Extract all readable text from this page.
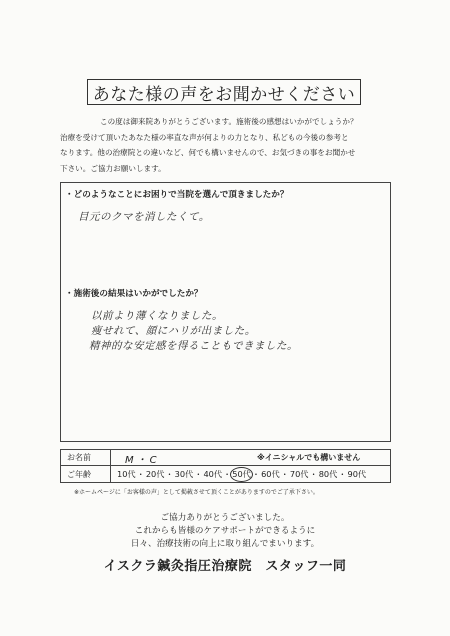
あなた様の声をお聞かせください
この度は御来院ありがとうございます。施術後の感想はいかがでしょうか？
治療を受けて頂いたあなた様の率直な声が何よりの力となり、私どもの今後の参考と
なります。他の治療院との違いなど、何でも構いませんので、お気づきの事をお聞かせ
下さい。ご協力お願いします。
・どのようなことにお困りで当院を選んで頂きましたか？
目元のクマを消したくて。
・施術後の結果はいかがでしたか？
以前より薄くなりました。
痩せれて、顔にハリが出ました。
精神的な安定感を得ることもできました。
お名前	M・C	※イニシャルでも構いません
ご年齢	10代・20代・30代・40代・50代・60代・70代・80代・90代
※ホームページに「お客様の声」として掲載させて頂くことがありますのでご了承下さい。
ご協力ありがとうございました。
これからも皆様のケアサポートができるように
日々、治療技術の向上に取り組んでまいります。
イスクラ鍼灸指圧治療院　スタッフ一同
